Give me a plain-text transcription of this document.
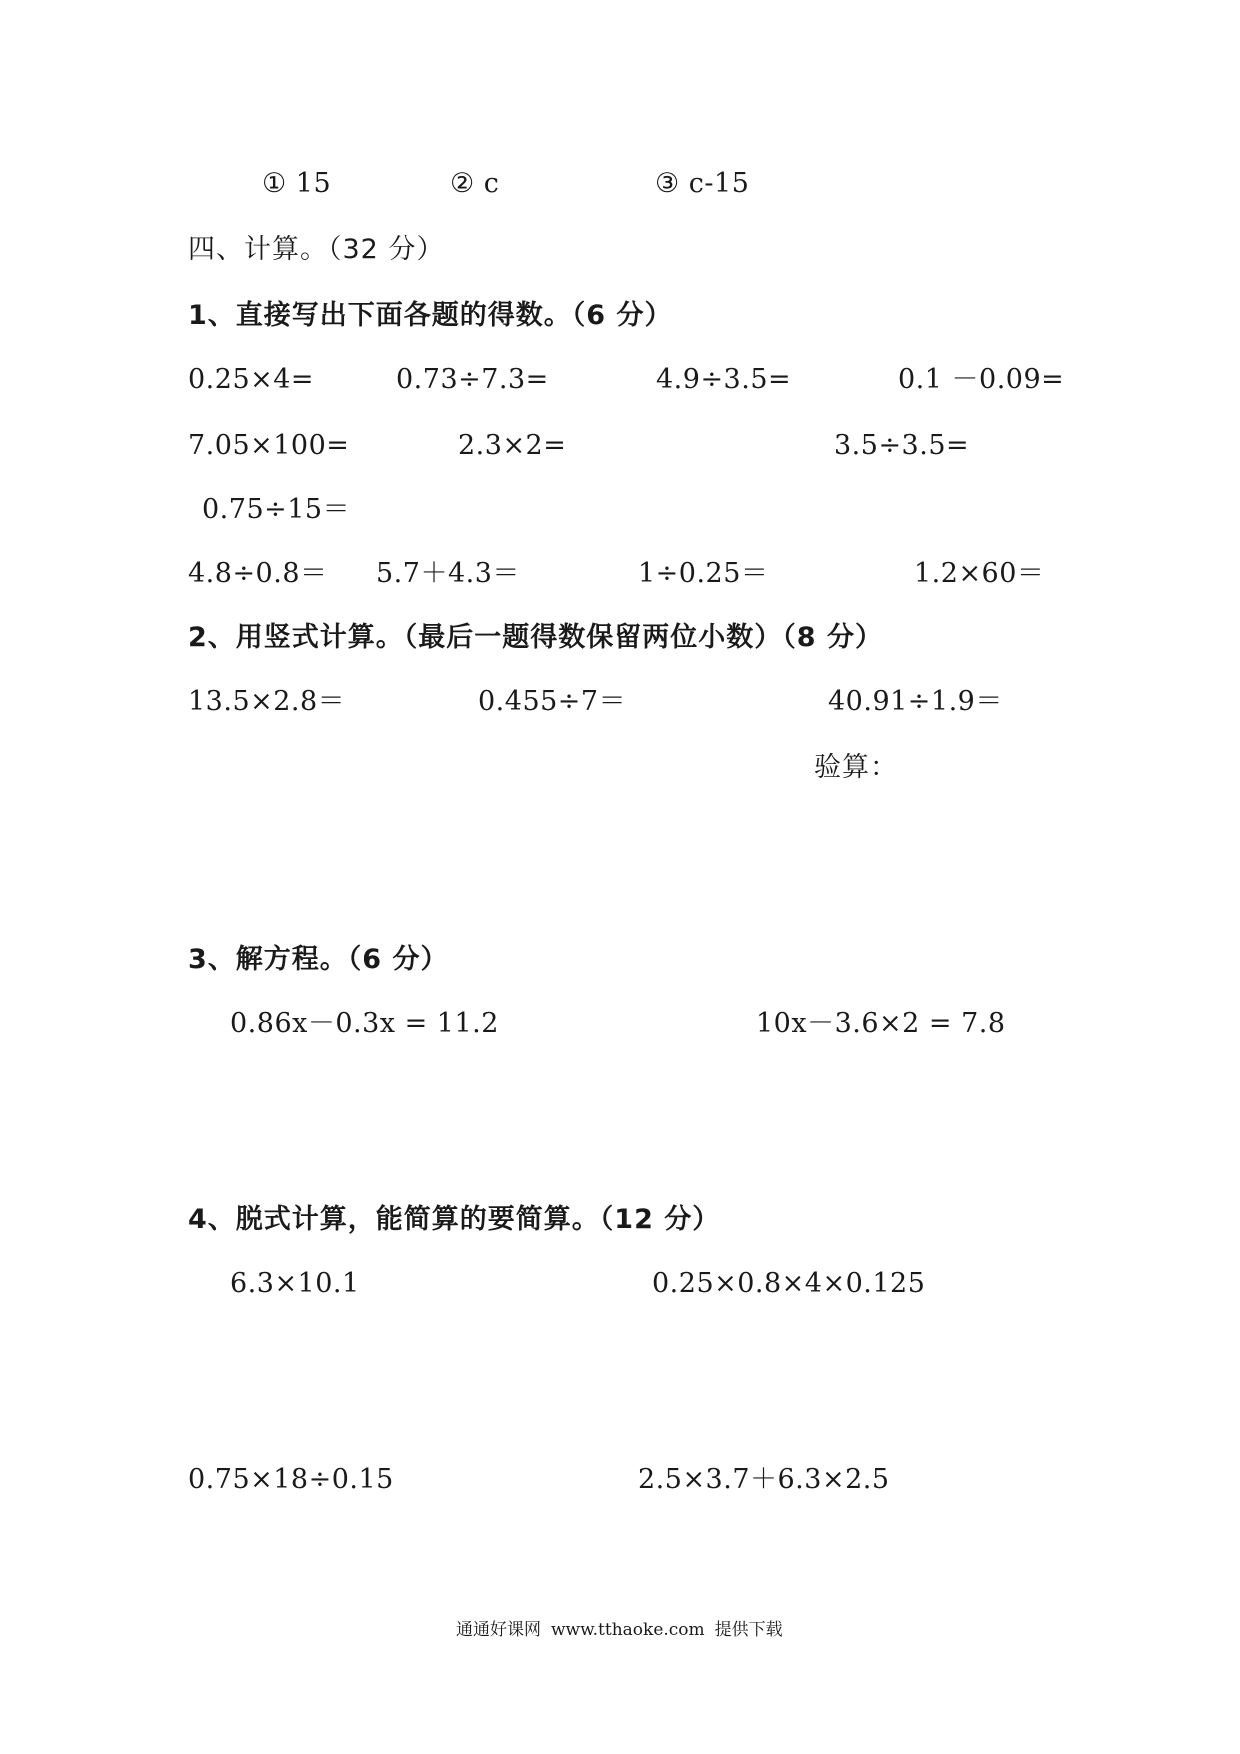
① 15	② c	③ c-15
四、计算。（32 分）
1、直接写出下面各题的得数。（6 分）
0.25×4=	0.73÷7.3=	4.9÷3.5=	0.1 －0.09=
7.05×100=	2.3×2=	3.5÷3.5=
0.75÷15＝
4.8÷0.8＝ 5.7＋4.3＝	1÷0.25＝	1.2×60＝
2、用竖式计算。（最后一题得数保留两位小数）（8 分）
13.5×2.8＝	0.455÷7＝	40.91÷1.9＝
验算：
3、解方程。（6 分）
0.86x－0.3x = 11.2	10x－3.6×2 = 7.8
4、脱式计算，能简算的要简算。（12 分）
6.3×10.1	0.25×0.8×4×0.125
0.75×18÷0.15	2.5×3.7＋6.3×2.5
通通好课网 www.tthaoke.com 提供下载
